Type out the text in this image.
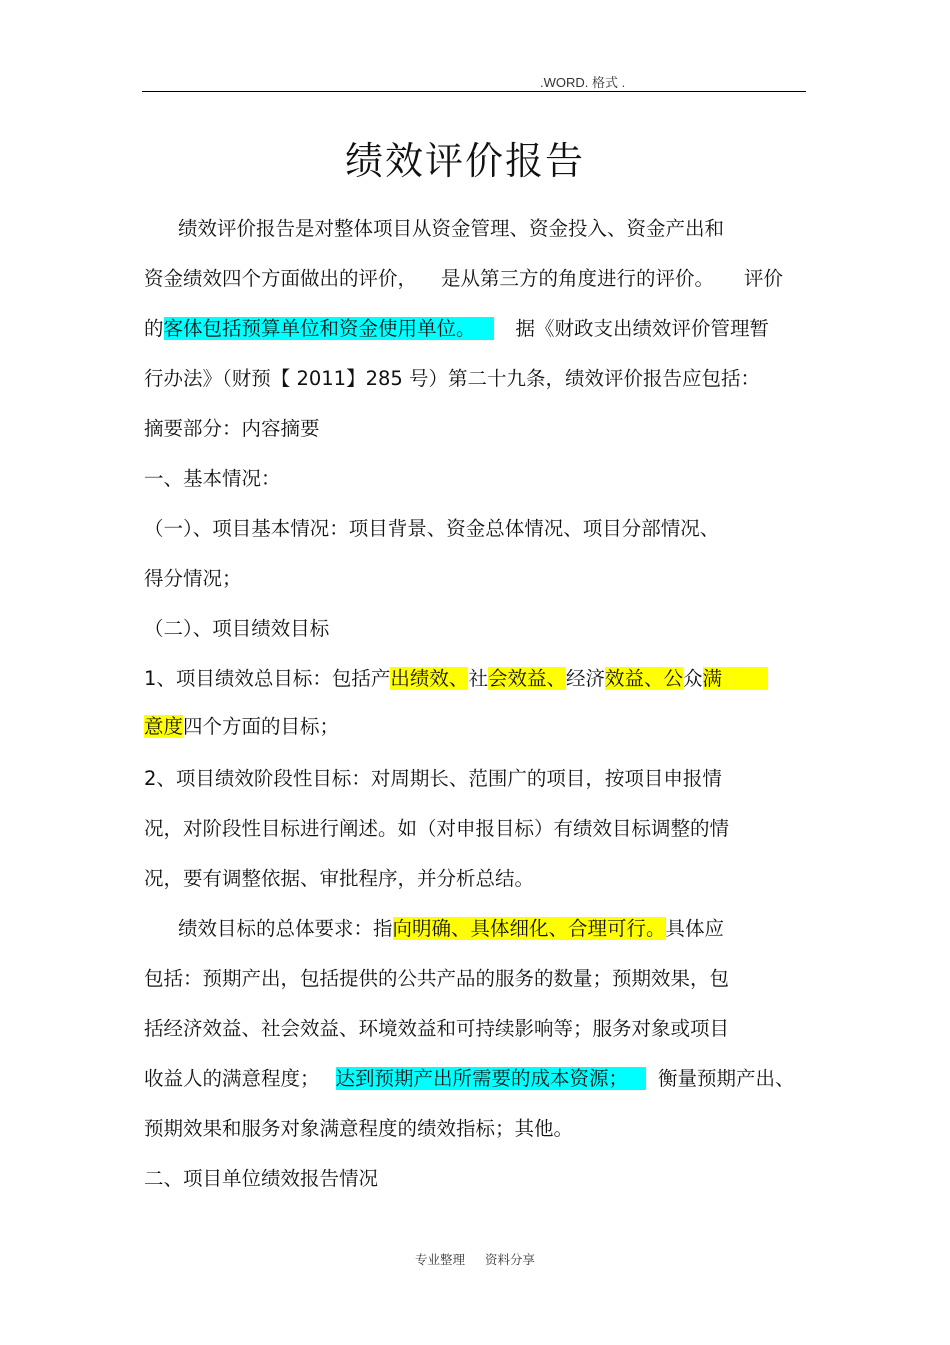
.WORD. 格式 .
绩效评价报告
绩效评价报告是对整体项目从资金管理、资金投入、资金产出和
资金绩效四个方面做出的评价， 是从第三方的角度进行的评价。 评价
的客体包括预算单位和资金使用单位。 据《财政支出绩效评价管理暂
行办法》（财预【 2011】285 号）第二十九条，绩效评价报告应包括：
摘要部分：内容摘要
一、基本情况：
（一）、项目基本情况：项目背景、资金总体情况、项目分部情况、
得分情况；
（二）、项目绩效目标
1、项目绩效总目标：包括产出绩效、社会效益、经济效益、公众满
意度四个方面的目标；
2、项目绩效阶段性目标：对周期长、范围广的项目，按项目申报情
况，对阶段性目标进行阐述。如（对申报目标）有绩效目标调整的情
况，要有调整依据、审批程序，并分析总结。
绩效目标的总体要求：指向明确、具体细化、合理可行。具体应
包括：预期产出，包括提供的公共产品的服务的数量；预期效果，包
括经济效益、社会效益、环境效益和可持续影响等；服务对象或项目
收益人的满意程度； 达到预期产出所需要的成本资源； 衡量预期产出、
预期效果和服务对象满意程度的绩效指标；其他。
二、项目单位绩效报告情况
专业整理 资料分享
